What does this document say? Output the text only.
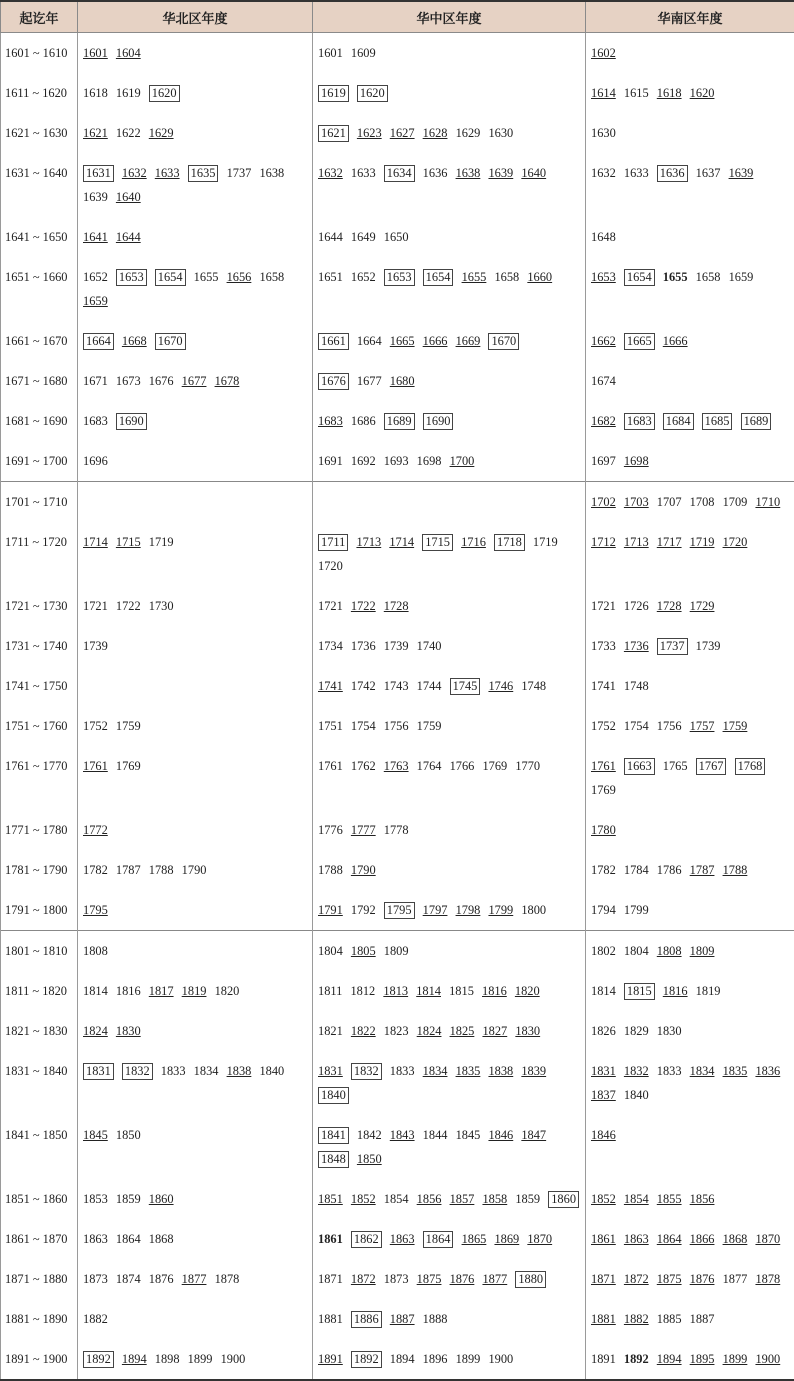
起讫年	华北区年度	华中区年度	华南区年度
1601 ~ 1610	1601 1604	1601 1609	1602
1611 ~ 1620	1618 1619 1620	1619 1620	1614 1615 1618 1620
1621 ~ 1630	1621 1622 1629	1621 1623 1627 1628 1629 1630	1630
1631 ~ 1640	1631 1632 1633 1635 1737 1638 1639 1640	1632 1633 1634 1636 1638 1639 1640	1632 1633 1636 1637 1639
1641 ~ 1650	1641 1644	1644 1649 1650	1648
1651 ~ 1660	1652 1653 1654 1655 1656 1658 1659	1651 1652 1653 1654 1655 1658 1660	1653 1654 1655 1658 1659
1661 ~ 1670	1664 1668 1670	1661 1664 1665 1666 1669 1670	1662 1665 1666
1671 ~ 1680	1671 1673 1676 1677 1678	1676 1677 1680	1674
1681 ~ 1690	1683 1690	1683 1686 1689 1690	1682 1683 1684 1685 1689
1691 ~ 1700	1696	1691 1692 1693 1698 1700	1697 1698
1701 ~ 1710			1702 1703 1707 1708 1709 1710
1711 ~ 1720	1714 1715 1719	1711 1713 1714 1715 1716 1718 1719 1720	1712 1713 1717 1719 1720
1721 ~ 1730	1721 1722 1730	1721 1722 1728	1721 1726 1728 1729
1731 ~ 1740	1739	1734 1736 1739 1740	1733 1736 1737 1739
1741 ~ 1750		1741 1742 1743 1744 1745 1746 1748	1741 1748
1751 ~ 1760	1752 1759	1751 1754 1756 1759	1752 1754 1756 1757 1759
1761 ~ 1770	1761 1769	1761 1762 1763 1764 1766 1769 1770	1761 1663 1765 1767 1768 1769
1771 ~ 1780	1772	1776 1777 1778	1780
1781 ~ 1790	1782 1787 1788 1790	1788 1790	1782 1784 1786 1787 1788
1791 ~ 1800	1795	1791 1792 1795 1797 1798 1799 1800	1794 1799
1801 ~ 1810	1808	1804 1805 1809	1802 1804 1808 1809
1811 ~ 1820	1814 1816 1817 1819 1820	1811 1812 1813 1814 1815 1816 1820	1814 1815 1816 1819
1821 ~ 1830	1824 1830	1821 1822 1823 1824 1825 1827 1830	1826 1829 1830
1831 ~ 1840	1831 1832 1833 1834 1838 1840	1831 1832 1833 1834 1835 1838 1839 1840	1831 1832 1833 1834 1835 1836 1837 1840
1841 ~ 1850	1845 1850	1841 1842 1843 1844 1845 1846 1847 1848 1850	1846
1851 ~ 1860	1853 1859 1860	1851 1852 1854 1856 1857 1858 1859 1860	1852 1854 1855 1856
1861 ~ 1870	1863 1864 1868	1861 1862 1863 1864 1865 1869 1870	1861 1863 1864 1866 1868 1870
1871 ~ 1880	1873 1874 1876 1877 1878	1871 1872 1873 1875 1876 1877 1880	1871 1872 1875 1876 1877 1878
1881 ~ 1890	1882	1881 1886 1887 1888	1881 1882 1885 1887
1891 ~ 1900	1892 1894 1898 1899 1900	1891 1892 1894 1896 1899 1900	1891 1892 1894 1895 1899 1900
